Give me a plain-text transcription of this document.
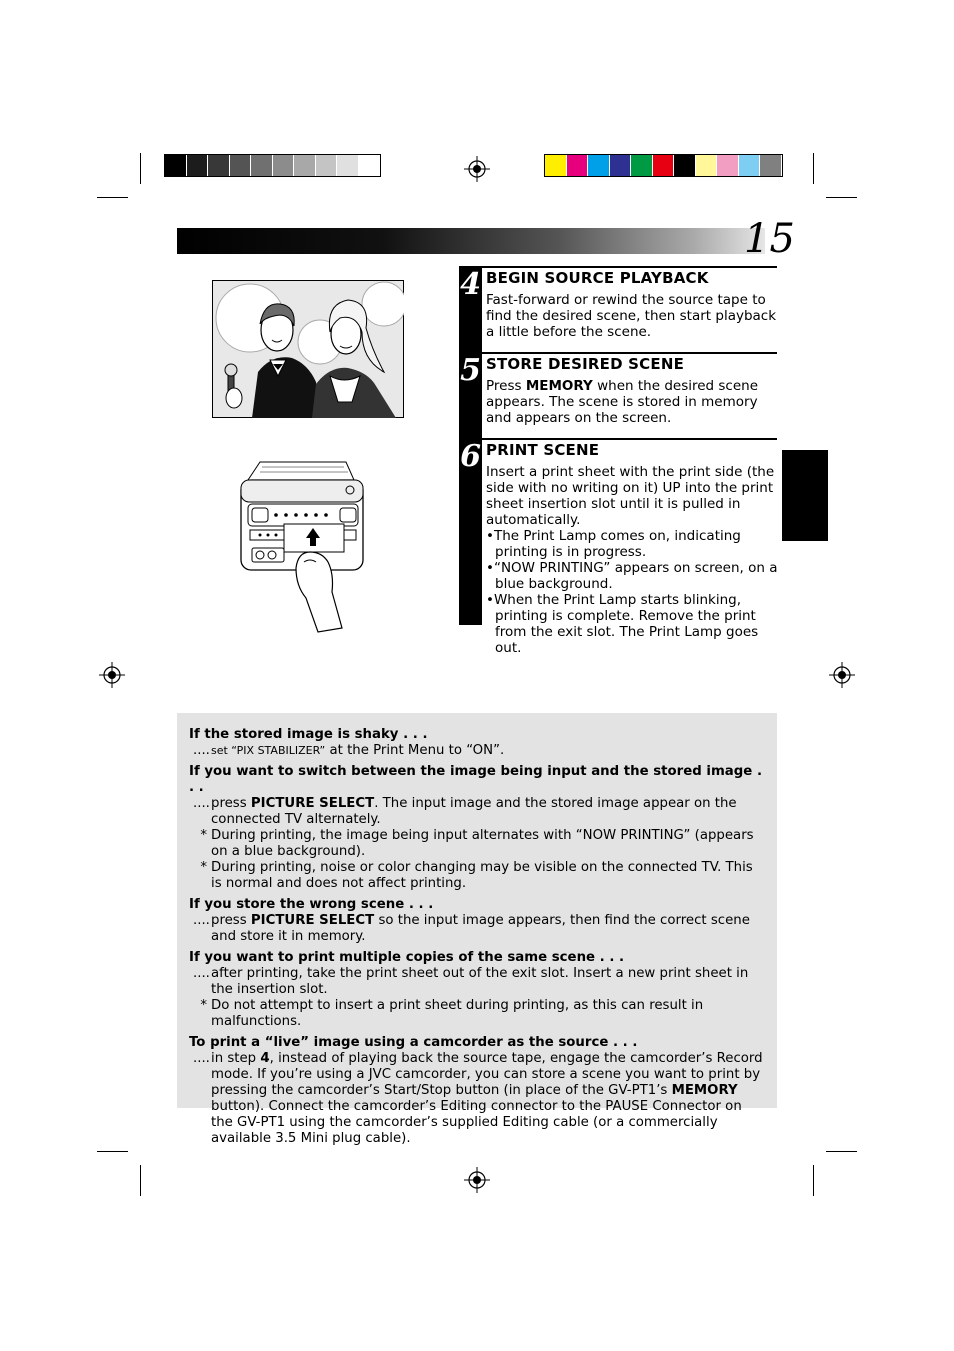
15
4 BEGIN SOURCE PLAYBACK
Fast-forward or rewind the source tape to find the desired scene, then start playback a little before the scene.
5 STORE DESIRED SCENE
Press MEMORY when the desired scene appears. The scene is stored in memory and appears on the screen.
6 PRINT SCENE
Insert a print sheet with the print side (the side with no writing on it) UP into the print sheet insertion slot until it is pulled in automatically.
•The Print Lamp comes on, indicating printing is in progress.
•“NOW PRINTING” appears on screen, on a blue background.
•When the Print Lamp starts blinking, printing is complete. Remove the print from the exit slot. The Print Lamp goes out.
If the stored image is shaky . . .
.... set “PIX STABILIZER” at the Print Menu to “ON”.
If you want to switch between the image being input and the stored image . . .
.... press PICTURE SELECT. The input image and the stored image appear on the connected TV alternately.
* During printing, the image being input alternates with “NOW PRINTING” (appears on a blue background).
* During printing, noise or color changing may be visible on the connected TV. This is normal and does not affect printing.
If you store the wrong scene . . .
.... press PICTURE SELECT so the input image appears, then find the correct scene and store it in memory.
If you want to print multiple copies of the same scene . . .
.... after printing, take the print sheet out of the exit slot. Insert a new print sheet in the insertion slot.
* Do not attempt to insert a print sheet during printing, as this can result in malfunctions.
To print a “live” image using a camcorder as the source . . .
.... in step 4, instead of playing back the source tape, engage the camcorder’s Record mode. If you’re using a JVC camcorder, you can store a scene you want to print by pressing the camcorder’s Start/Stop button (in place of the GV-PT1’s MEMORY button). Connect the camcorder’s Editing connector to the PAUSE Connector on the GV-PT1 using the camcorder’s supplied Editing cable (or a commercially available 3.5 Mini plug cable).
